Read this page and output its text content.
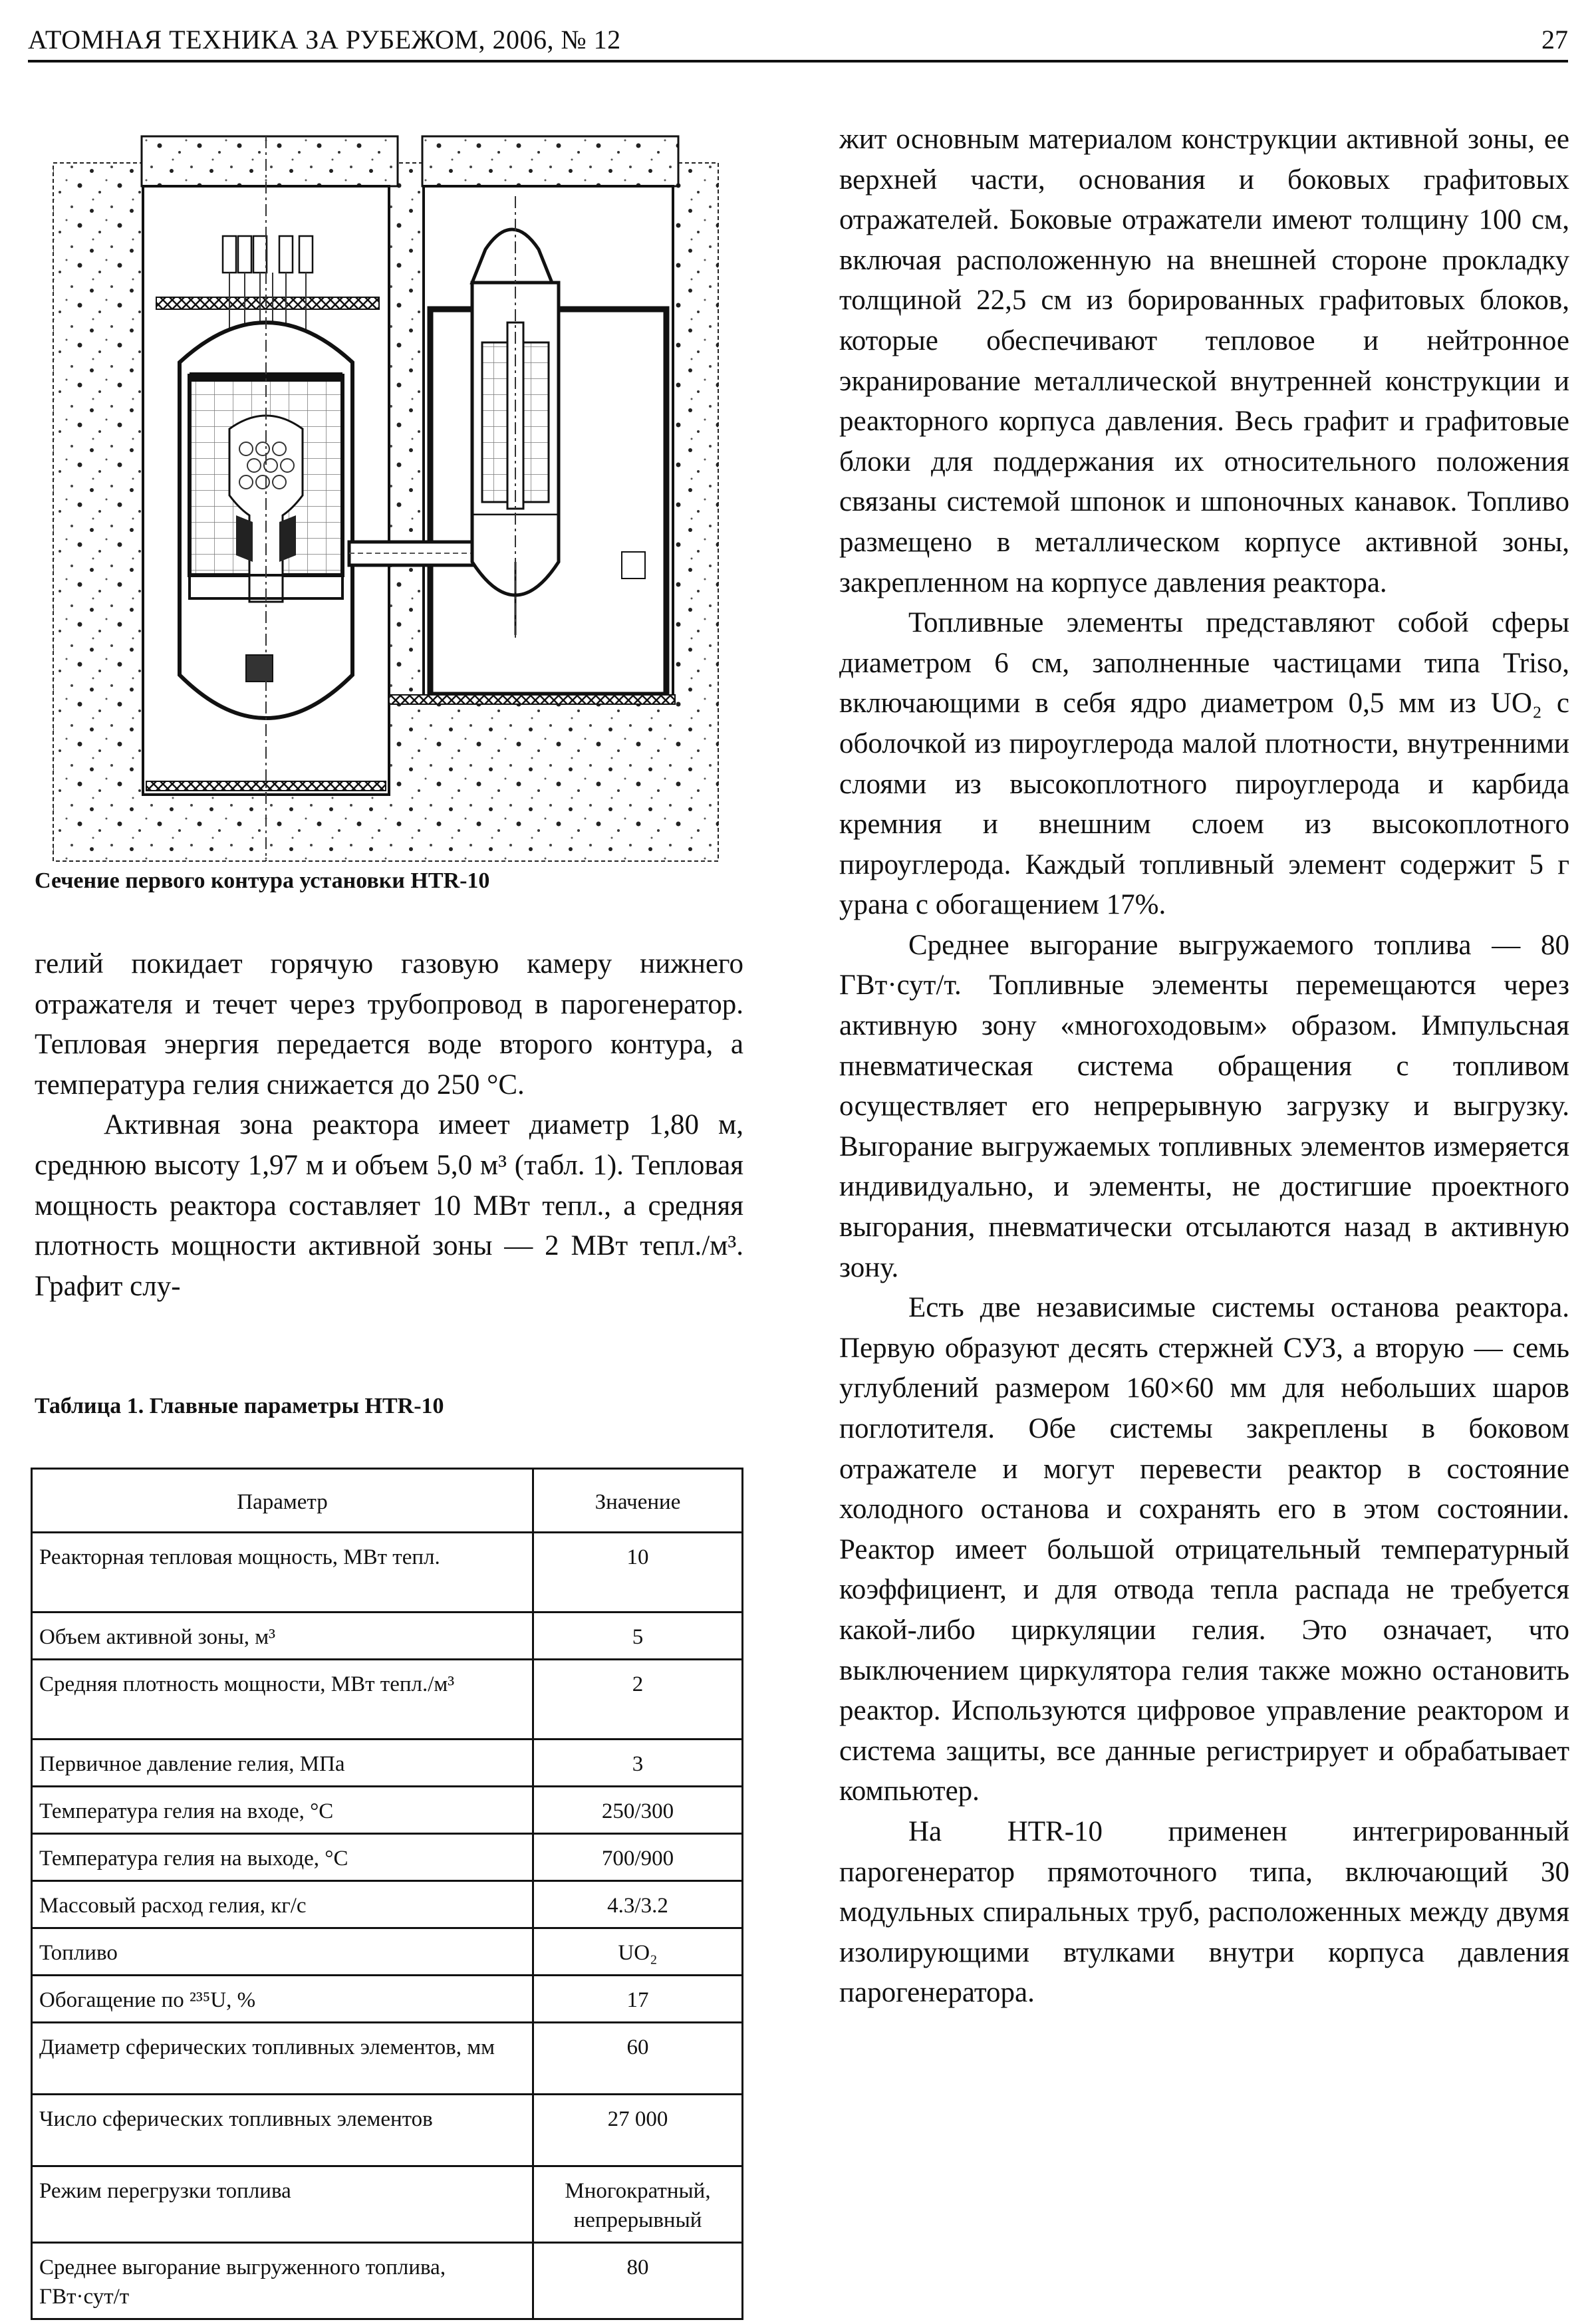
АТОМНАЯ ТЕХНИКА ЗА РУБЕЖОМ, 2006, № 12	27
Сечение первого контура установки HTR-10

гелий покидает горячую газовую камеру нижнего отражателя и течет через трубопровод в парогенератор. Тепловая энергия передается воде второго контура, а температура гелия снижается до 250 °С.

Активная зона реактора имеет диаметр 1,80 м, среднюю высоту 1,97 м и объем 5,0 м³ (табл. 1). Тепловая мощность реактора составляет 10 МВт тепл., а средняя плотность мощности активной зоны — 2 МВт тепл./м³. Графит слу-

Таблица 1. Главные параметры HTR-10
Параметр	Значение
Реакторная тепловая мощность, МВт тепл.	10
Объем активной зоны, м³	5
Средняя плотность мощности, МВт тепл./м³	2
Первичное давление гелия, МПа	3
Температура гелия на входе, °С	250/300
Температура гелия на выходе, °С	700/900
Массовый расход гелия, кг/с	4.3/3.2
Топливо	UO₂
Обогащение по ²³⁵U, %	17
Диаметр сферических топливных элементов, мм	60
Число сферических топливных элементов	27 000
Режим перегрузки топлива	Многократный, непрерывный
Среднее выгорание выгруженного топлива, ГВт·сут/т	80

жит основным материалом конструкции активной зоны, ее верхней части, основания и боковых графитовых отражателей. Боковые отражатели имеют толщину 100 см, включая расположенную на внешней стороне прокладку толщиной 22,5 см из борированных графитовых блоков, которые обеспечивают тепловое и нейтронное экранирование металлической внутренней конструкции и реакторного корпуса давления. Весь графит и графитовые блоки для поддержания их относительного положения связаны системой шпонок и шпоночных канавок. Топливо размещено в металлическом корпусе активной зоны, закрепленном на корпусе давления реактора.

Топливные элементы представляют собой сферы диаметром 6 см, заполненные частицами типа Triso, включающими в себя ядро диаметром 0,5 мм из UO₂ с оболочкой из пироуглерода малой плотности, внутренними слоями из высокоплотного пироуглерода и карбида кремния и внешним слоем из высокоплотного пироуглерода. Каждый топливный элемент содержит 5 г урана с обогащением 17%.

Среднее выгорание выгружаемого топлива — 80 ГВт·сут/т. Топливные элементы перемещаются через активную зону «многоходовым» образом. Импульсная пневматическая система обращения с топливом осуществляет его непрерывную загрузку и выгрузку. Выгорание выгружаемых топливных элементов измеряется индивидуально, и элементы, не достигшие проектного выгорания, пневматически отсылаются назад в активную зону.

Есть две независимые системы останова реактора. Первую образуют десять стержней СУЗ, а вторую — семь углублений размером 160×60 мм для небольших шаров поглотителя. Обе системы закреплены в боковом отражателе и могут перевести реактор в состояние холодного останова и сохранять его в этом состоянии. Реактор имеет большой отрицательный температурный коэффициент, и для отвода тепла распада не требуется какой-либо циркуляции гелия. Это означает, что выключением циркулятора гелия также можно остановить реактор. Используются цифровое управление реактором и система защиты, все данные регистрирует и обрабатывает компьютер.

На HTR-10 применен интегрированный парогенератор прямоточного типа, включающий 30 модульных спиральных труб, расположенных между двумя изолирующими втулками внутри корпуса давления парогенератора.
